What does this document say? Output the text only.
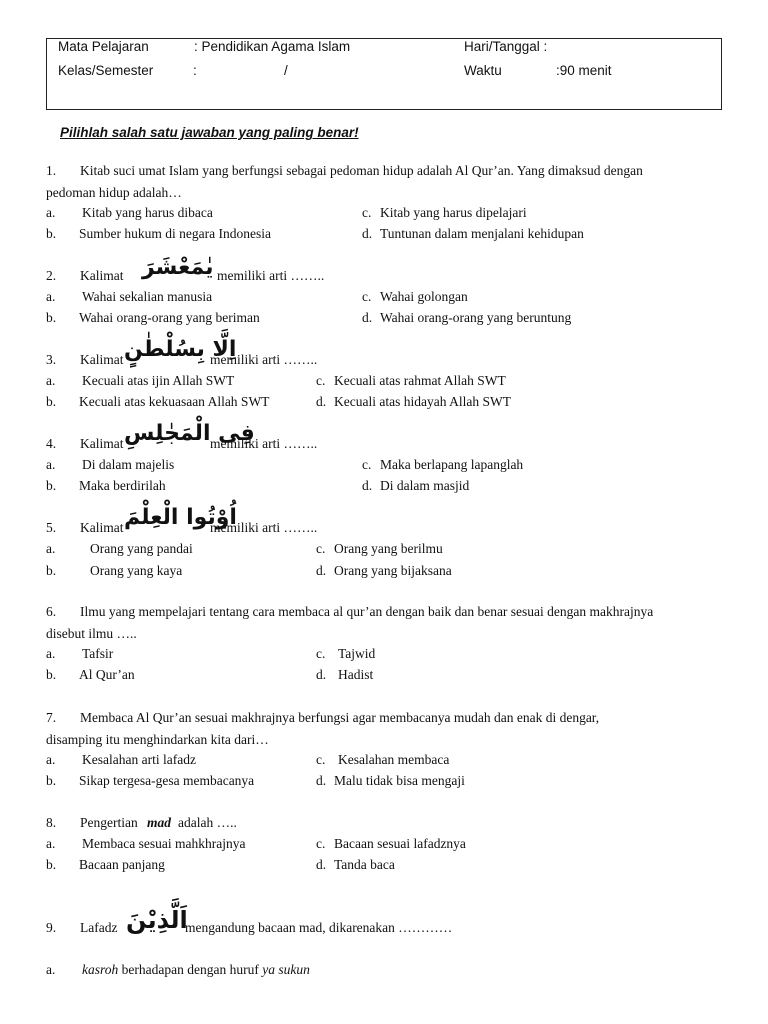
Mata Pelajaran	: Pendidikan Agama Islam	Hari/Tanggal :
Kelas/Semester	:	/	Waktu	:90 menit
Pilihlah salah satu jawaban yang paling benar!
1. Kitab suci umat Islam yang berfungsi sebagai pedoman hidup adalah Al Qur’an. Yang dimaksud dengan
pedoman hidup adalah…
a. Kitab yang harus dibaca	c. Kitab yang harus dipelajari
b. Sumber hukum di negara Indonesia	d. Tuntunan dalam menjalani kehidupan
2. Kalimat يٰمَعْشَرَ memiliki arti ……..
a. Wahai sekalian manusia	c. Wahai golongan
b. Wahai orang-orang yang beriman	d. Wahai orang-orang yang beruntung
3. Kalimat اِلَّا بِسُلْطٰنٍ
memiliki arti ……..
a. Kecuali atas ijin Allah SWT	c. Kecuali atas rahmat Allah SWT
b. Kecuali atas kekuasaan Allah SWT	d. Kecuali atas hidayah Allah SWT
4. Kalimat فِى الْمَجٰلِسِ
memiliki arti ……..
a. Di dalam majelis	c. Maka berlapang lapanglah
b. Maka berdirilah	d. Di dalam masjid
5. Kalimat اُوْتُوا الْعِلْمَ
memiliki arti ……..
a.	Orang yang pandai	c. Orang yang berilmu
b.	Orang yang kaya	d. Orang yang bijaksana
6. Ilmu yang mempelajari tentang cara membaca al qur’an dengan baik dan benar sesuai dengan makhrajnya
disebut ilmu …..
a. Tafsir	c. Tajwid
b. Al Qur’an	d. Hadist
7. Membaca Al Qur’an sesuai makhrajnya berfungsi agar membacanya mudah dan enak di dengar,
disamping itu menghindarkan kita dari…
a. Kesalahan arti lafadz	c. Kesalahan membaca
b. Sikap tergesa-gesa membacanya	d. Malu tidak bisa mengaji
8. Pengertian mad adalah …..
a. Membaca sesuai mahkhrajnya	c. Bacaan sesuai lafadznya
b. Bacaan panjang	d. Tanda baca
9. Lafadz اَلَّذِيْنَ
mengandung bacaan mad, dikarenakan …………
a. kasroh berhadapan dengan huruf ya sukun
